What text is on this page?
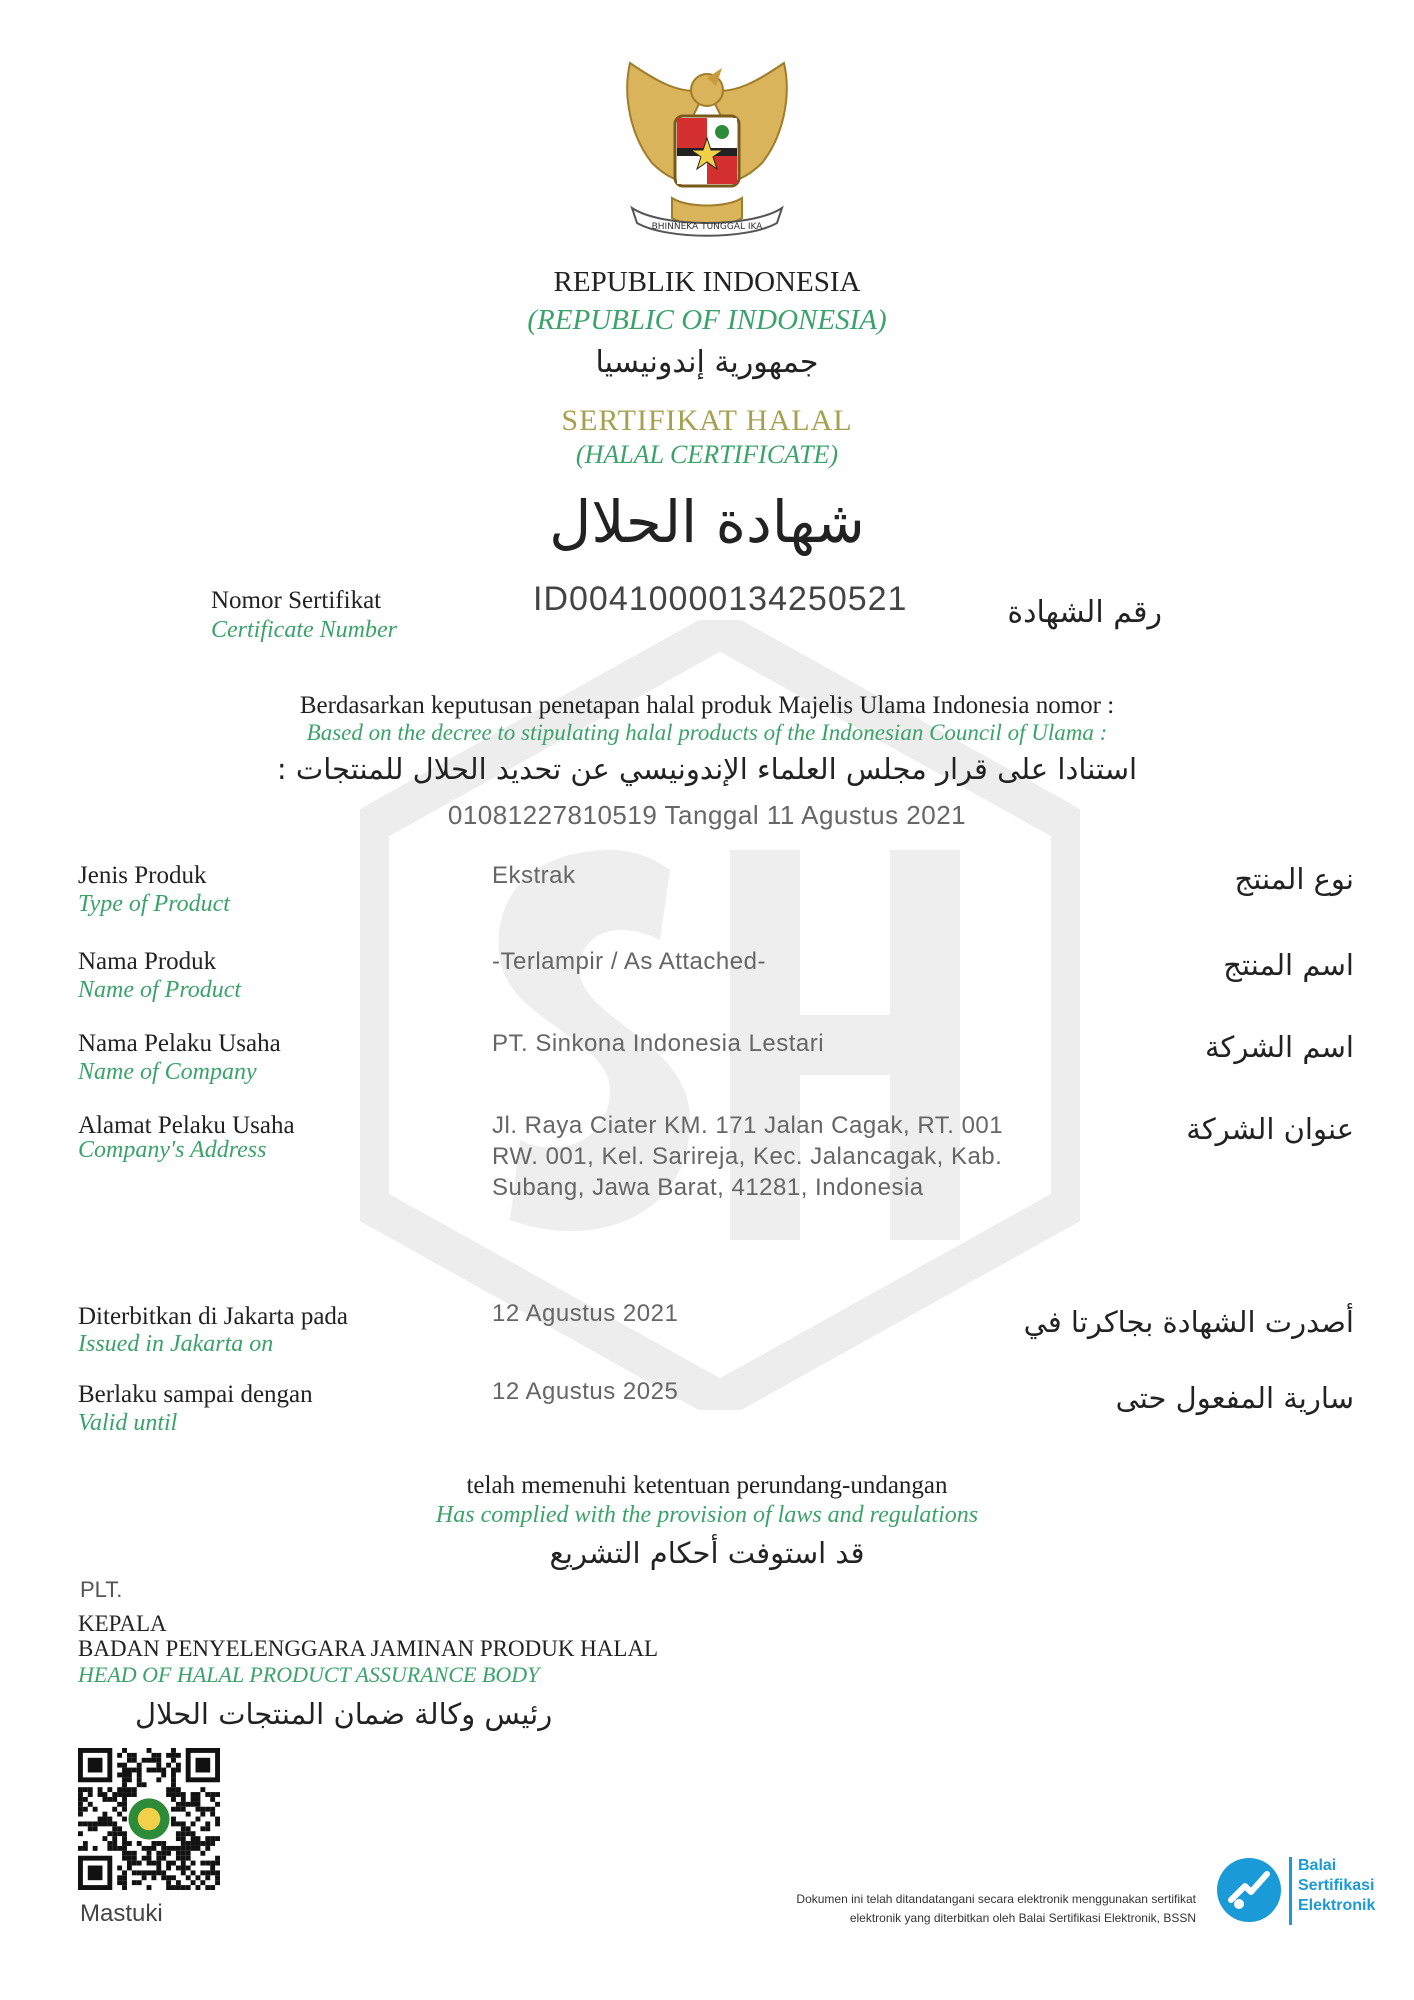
BHINNEKA TUNGGAL IKA
REPUBLIK INDONESIA
(REPUBLIC OF INDONESIA)
جمهورية إندونيسيا
SERTIFIKAT HALAL
(HALAL CERTIFICATE)
شهادة الحلال
Nomor Sertifikat
Certificate Number
ID00410000134250521	رقم الشهادة
Berdasarkan keputusan penetapan halal produk Majelis Ulama Indonesia nomor :
Based on the decree to stipulating halal products of the Indonesian Council of Ulama :
استنادا على قرار مجلس العلماء الإندونيسي عن تحديد الحلال للمنتجات :
01081227810519 Tanggal 11 Agustus 2021
Jenis Produk
Type of Product
Ekstrak	نوع المنتج
Nama Produk
Name of Product
-Terlampir / As Attached-	اسم المنتج
Nama Pelaku Usaha
Name of Company
PT. Sinkona Indonesia Lestari	اسم الشركة
Alamat Pelaku Usaha
Company's Address
Jl. Raya Ciater KM. 171 Jalan Cagak, RT. 001
RW. 001, Kel. Sarireja, Kec. Jalancagak, Kab.
Subang, Jawa Barat, 41281, Indonesia
عنوان الشركة
Diterbitkan di Jakarta pada
Issued in Jakarta on
12 Agustus 2021	أصدرت الشهادة بجاكرتا في
Berlaku sampai dengan
Valid until
12 Agustus 2025	سارية المفعول حتى
telah memenuhi ketentuan perundang-undangan
Has complied with the provision of laws and regulations
قد استوفت أحكام التشريع
PLT.
KEPALA
BADAN PENYELENGGARA JAMINAN PRODUK HALAL
HEAD OF HALAL PRODUCT ASSURANCE BODY
رئيس وكالة ضمان المنتجات الحلال
Mastuki
Dokumen ini telah ditandatangani secara elektronik menggunakan sertifikat
elektronik yang diterbitkan oleh Balai Sertifikasi Elektronik, BSSN
Balai
Sertifikasi
Elektronik
